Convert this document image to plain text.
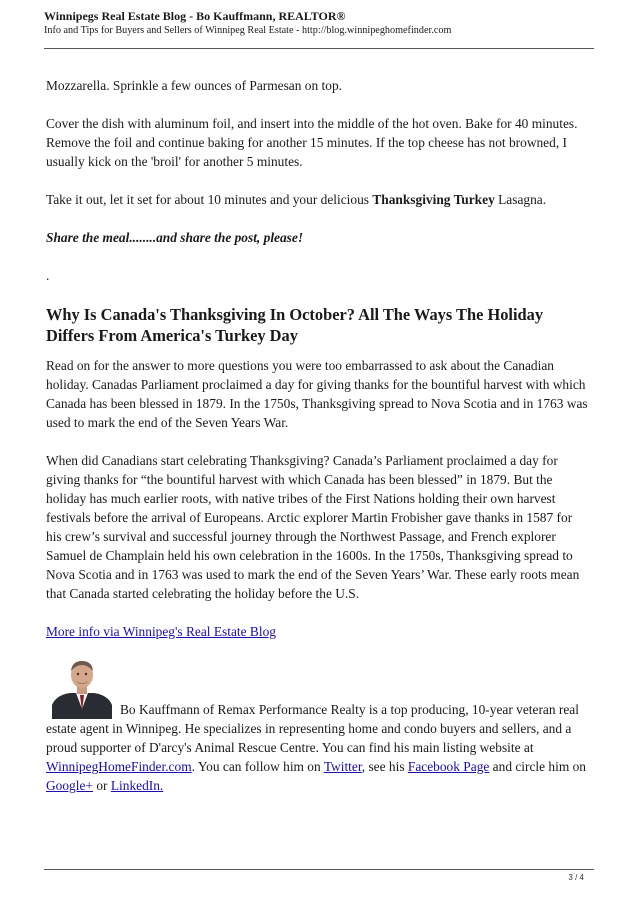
Winnipegs Real Estate Blog - Bo Kauffmann, REALTOR®
Info and Tips for Buyers and Sellers of Winnipeg Real Estate - http://blog.winnipeghomefinder.com

Mozzarella. Sprinkle a few ounces of Parmesan on top.

Cover the dish with aluminum foil, and insert into the middle of the hot oven. Bake for 40 minutes. Remove the foil and continue baking for another 15 minutes. If the top cheese has not browned, I usually kick on the 'broil' for another 5 minutes.

Take it out, let it set for about 10 minutes and your delicious Thanksgiving Turkey Lasagna.

Share the meal........and share the post, please!

.

Why Is Canada's Thanksgiving In October? All The Ways The Holiday Differs From America's Turkey Day

Read on for the answer to more questions you were too embarrassed to ask about the Canadian holiday. Canadas Parliament proclaimed a day for giving thanks for the bountiful harvest with which Canada has been blessed in 1879. In the 1750s, Thanksgiving spread to Nova Scotia and in 1763 was used to mark the end of the Seven Years War.

When did Canadians start celebrating Thanksgiving? Canada’s Parliament proclaimed a day for giving thanks for “the bountiful harvest with which Canada has been blessed” in 1879. But the holiday has much earlier roots, with native tribes of the First Nations holding their own harvest festivals before the arrival of Europeans. Arctic explorer Martin Frobisher gave thanks in 1587 for his crew’s survival and successful journey through the Northwest Passage, and French explorer Samuel de Champlain held his own celebration in the 1600s. In the 1750s, Thanksgiving spread to Nova Scotia and in 1763 was used to mark the end of the Seven Years’ War. These early roots mean that Canada started celebrating the holiday before the U.S.

More info via Winnipeg's Real Estate Blog

Bo Kauffmann of Remax Performance Realty is a top producing, 10-year veteran real estate agent in Winnipeg. He specializes in representing home and condo buyers and sellers, and a proud supporter of D'arcy's Animal Rescue Centre. You can find his main listing website at WinnipegHomeFinder.com. You can follow him on Twitter, see his Facebook Page and circle him on Google+ or LinkedIn.
3 / 4
